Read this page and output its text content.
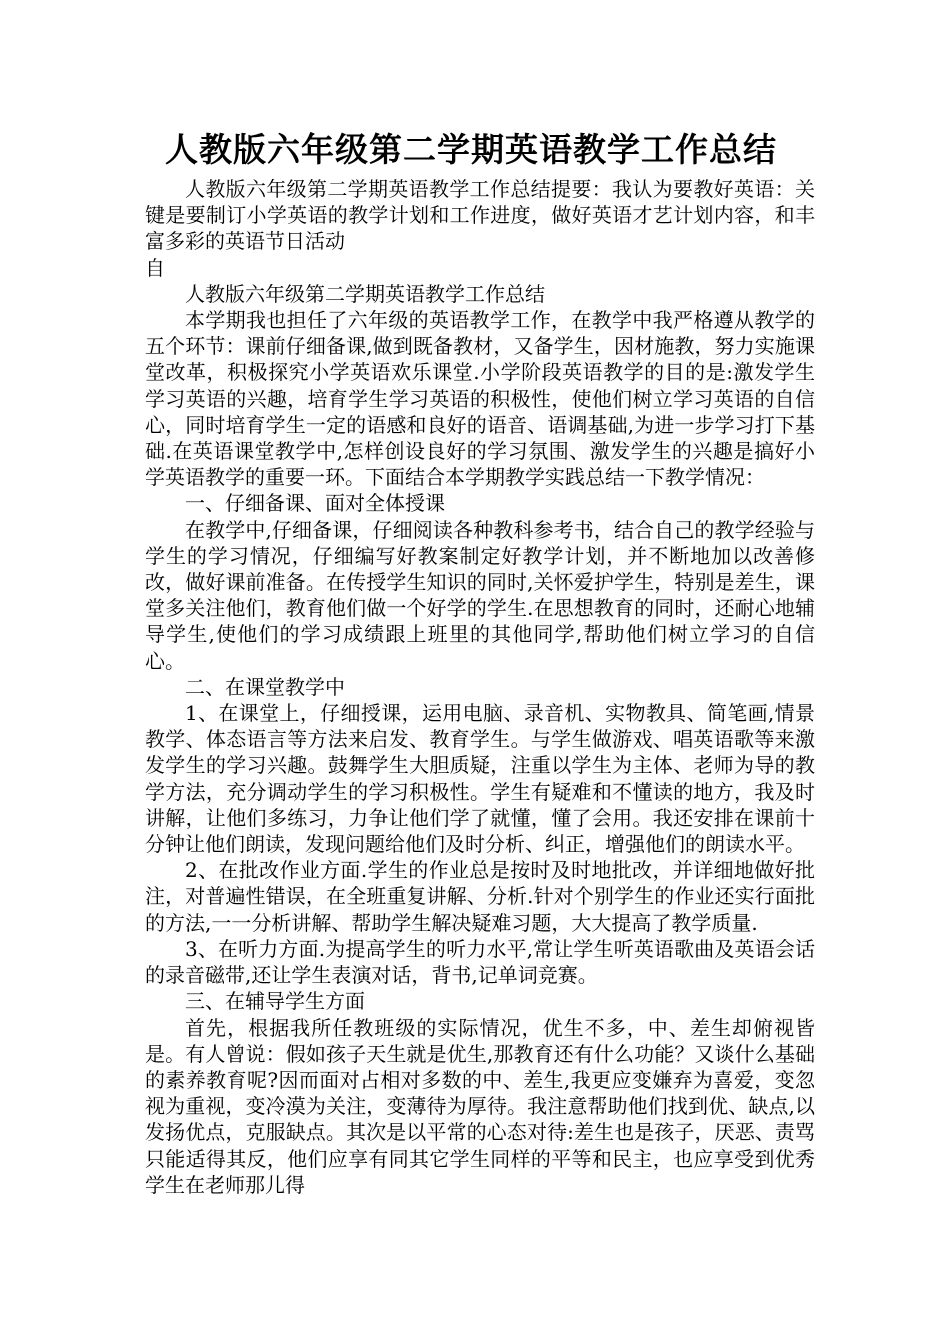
人教版六年级第二学期英语教学工作总结

人教版六年级第二学期英语教学工作总结提要：我认为要教好英语：关键是要制订小学英语的教学计划和工作进度，做好英语才艺计划内容，和丰富多彩的英语节日活动

自

人教版六年级第二学期英语教学工作总结

本学期我也担任了六年级的英语教学工作，在教学中我严格遵从教学的五个环节：课前仔细备课,做到既备教材，又备学生，因材施教，努力实施课堂改革，积极探究小学英语欢乐课堂.小学阶段英语教学的目的是:激发学生学习英语的兴趣，培育学生学习英语的积极性，使他们树立学习英语的自信心，同时培育学生一定的语感和良好的语音、语调基础,为进一步学习打下基础.在英语课堂教学中,怎样创设良好的学习氛围、激发学生的兴趣是搞好小学英语教学的重要一环。下面结合本学期教学实践总结一下教学情况：

一、仔细备课、面对全体授课

在教学中,仔细备课，仔细阅读各种教科参考书，结合自己的教学经验与学生的学习情况，仔细编写好教案制定好教学计划，并不断地加以改善修改，做好课前准备。在传授学生知识的同时,关怀爱护学生，特别是差生，课堂多关注他们，教育他们做一个好学的学生.在思想教育的同时，还耐心地辅导学生,使他们的学习成绩跟上班里的其他同学,帮助他们树立学习的自信心。

二、在课堂教学中

1、在课堂上，仔细授课，运用电脑、录音机、实物教具、简笔画,情景教学、体态语言等方法来启发、教育学生。与学生做游戏、唱英语歌等来激发学生的学习兴趣。鼓舞学生大胆质疑，注重以学生为主体、老师为导的教学方法，充分调动学生的学习积极性。学生有疑难和不懂读的地方，我及时讲解，让他们多练习，力争让他们学了就懂，懂了会用。我还安排在课前十分钟让他们朗读，发现问题给他们及时分析、纠正，增强他们的朗读水平。

2、在批改作业方面.学生的作业总是按时及时地批改，并详细地做好批注，对普遍性错误，在全班重复讲解、分析.针对个别学生的作业还实行面批的方法,一一分析讲解、帮助学生解决疑难习题，大大提高了教学质量.

3、在听力方面.为提高学生的听力水平,常让学生听英语歌曲及英语会话的录音磁带,还让学生表演对话，背书,记单词竞赛。

三、在辅导学生方面

首先，根据我所任教班级的实际情况，优生不多，中、差生却俯视皆是。有人曾说：假如孩子天生就是优生,那教育还有什么功能？又谈什么基础的素养教育呢?因而面对占相对多数的中、差生,我更应变嫌弃为喜爱，变忽视为重视，变冷漠为关注，变薄待为厚待。我注意帮助他们找到优、缺点,以发扬优点，克服缺点。其次是以平常的心态对待:差生也是孩子，厌恶、责骂只能适得其反，他们应享有同其它学生同样的平等和民主，也应享受到优秀学生在老师那儿得
